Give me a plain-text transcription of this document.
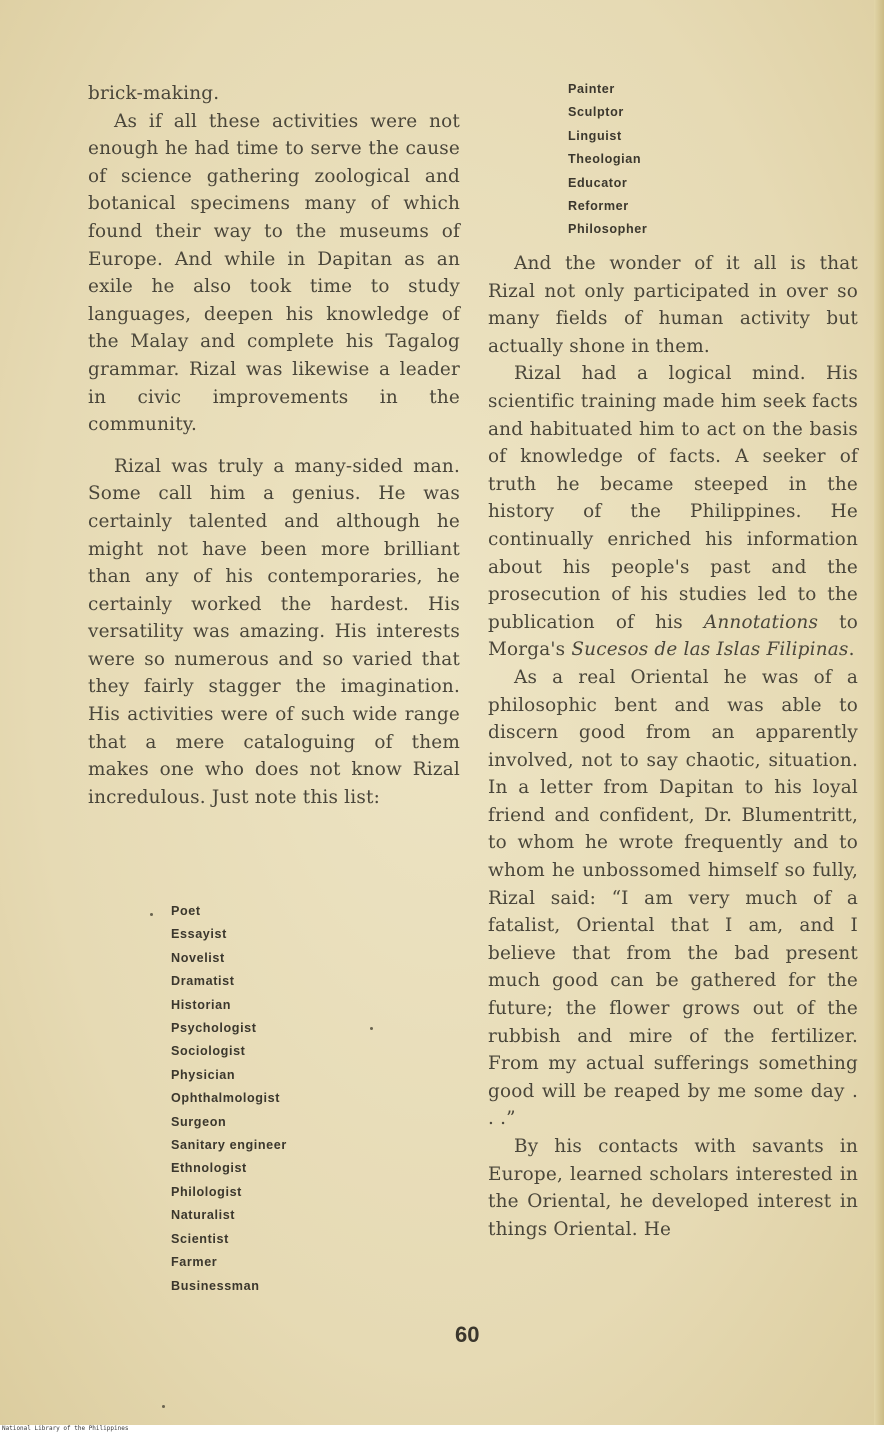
brick-making.

As if all these activities were not enough he had time to serve the cause of science gathering zoological and botanical specimens many of which found their way to the museums of Europe. And while in Dapitan as an exile he also took time to study languages, deepen his knowledge of the Malay and complete his Tagalog grammar. Rizal was likewise a leader in civic improvements in the community.

Rizal was truly a many-sided man. Some call him a genius. He was certainly talented and although he might not have been more brilliant than any of his contemporaries, he certainly worked the hardest. His versatility was amazing. His interests were so numerous and so varied that they fairly stagger the imagination. His activities were of such wide range that a mere cataloguing of them makes one who does not know Rizal incredulous. Just note this list:

Poet
Essayist
Novelist
Dramatist
Historian
Psychologist
Sociologist
Physician
Ophthalmologist
Surgeon
Sanitary engineer
Ethnologist
Philologist
Naturalist
Scientist
Farmer
Businessman
Painter
Sculptor
Linguist
Theologian
Educator
Reformer
Philosopher

And the wonder of it all is that Rizal not only participated in over so many fields of human activity but actually shone in them.

Rizal had a logical mind. His scientific training made him seek facts and habituated him to act on the basis of knowledge of facts. A seeker of truth he became steeped in the history of the Philippines. He continually enriched his information about his people's past and the prosecution of his studies led to the publication of his Annotations to Morga's Sucesos de las Islas Filipinas.

As a real Oriental he was of a philosophic bent and was able to discern good from an apparently involved, not to say chaotic, situation. In a letter from Dapitan to his loyal friend and confident, Dr. Blumentritt, to whom he wrote frequently and to whom he unbossomed himself so fully, Rizal said: “I am very much of a fatalist, Oriental that I am, and I believe that from the bad present much good can be gathered for the future; the flower grows out of the rubbish and mire of the fertilizer. From my actual sufferings something good will be reaped by me some day . . .”

By his contacts with savants in Europe, learned scholars interested in the Oriental, he developed interest in things Oriental. He

60
National Library of the Philippines
